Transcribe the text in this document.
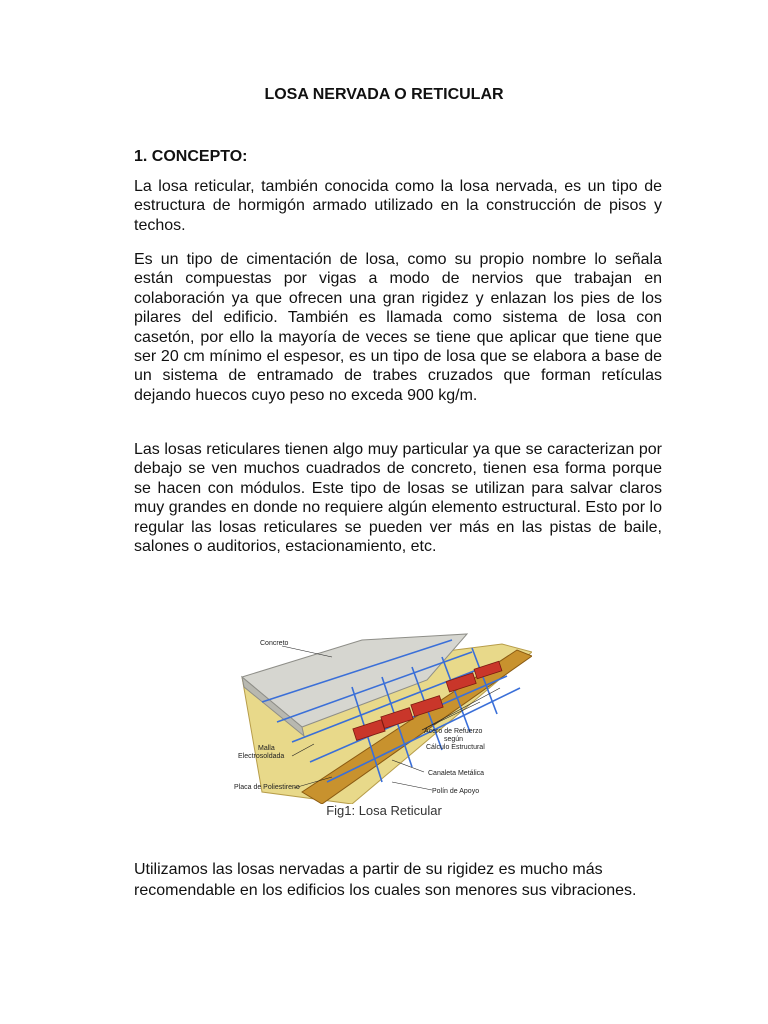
LOSA NERVADA O RETICULAR
1. CONCEPTO:

La losa reticular, también conocida como la losa nervada, es un tipo de estructura de hormigón armado utilizado en la construcción de pisos y techos.

Es un tipo de cimentación de losa, como su propio nombre lo señala están compuestas por vigas a modo de nervios que trabajan en colaboración ya que ofrecen una gran rigidez y enlazan los pies de los pilares del edificio. También es llamada como sistema de losa con casetón, por ello la mayoría de veces se tiene que aplicar que tiene que ser 20 cm mínimo el espesor, es un tipo de losa que se elabora a base de un sistema de entramado de trabes cruzados que forman retículas dejando huecos cuyo peso no exceda 900 kg/m.

Las losas reticulares tienen algo muy particular ya que se caracterizan por debajo se ven muchos cuadrados de concreto, tienen esa forma porque se hacen con módulos. Este tipo de losas se utilizan para salvar claros muy grandes en donde no requiere algún elemento estructural. Esto por lo regular las losas reticulares se pueden ver más en las pistas de baile, salones o auditorios, estacionamiento, etc.

Concreto
Malla
Electrosoldada
Acero de Refuerzo
según
Cálculo Estructural
Canaleta Metálica
Placa de Poliestireno
Polín de Apoyo
Fig1: Losa Reticular

Utilizamos las losas nervadas a partir de su rigidez es mucho más recomendable en los edificios los cuales son menores sus vibraciones.
